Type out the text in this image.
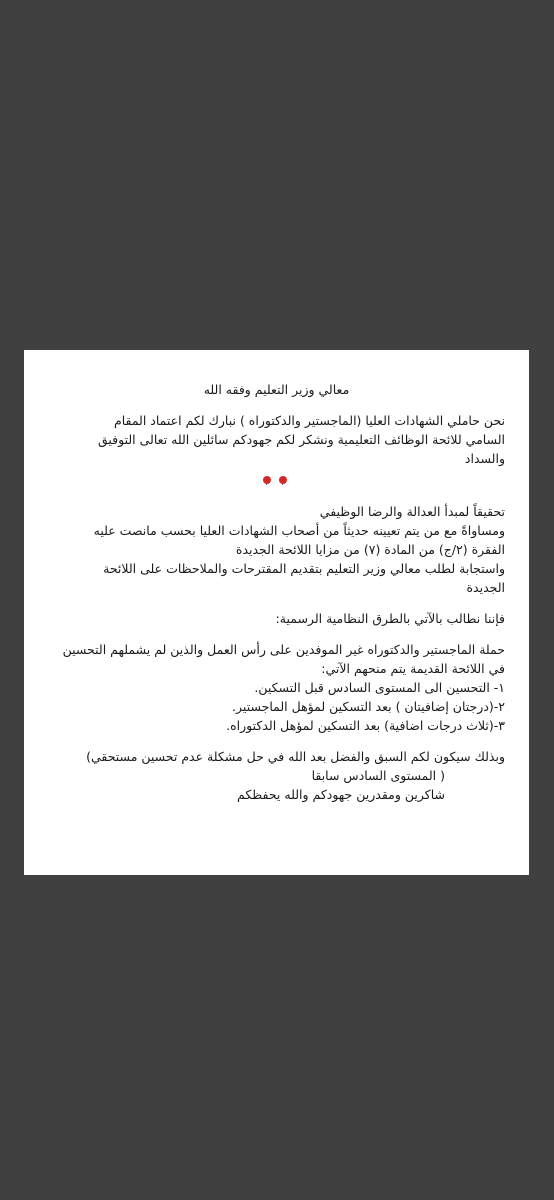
معالي وزير التعليم وفقه الله

نحن حاملي الشهادات العليا (الماجستير والدكتوراه ) نبارك لكم اعتماد المقام

السامي للائحة الوظائف التعليمية ونشكر لكم جهودكم سائلين الله تعالى التوفيق

والسداد

تحقيقاً لمبدأ العدالة والرضا الوظيفي

ومساواةً مع من يتم تعيينه حديثاً من أصحاب الشهادات العليا بحسب مانصت عليه

الفقرة (٢/ج) من المادة (٧) من مزايا اللائحة الجديدة

واستجابة لطلب معالي وزير التعليم بتقديم المقترحات والملاحظات على اللائحة

الجديدة

فإننا نطالب بالآتي بالطرق النظامية الرسمية:

حملة الماجستير والدكتوراه غير الموفدين على رأس العمل والذين لم يشملهم التحسين

في اللائحة القديمة يتم منحهم الآتي:

١- التحسين الى المستوى السادس قبل التسكين.

٢-(درجتان إضافيتان ) بعد التسكين لمؤهل الماجستير.

٣-(ثلاث درجات اضافية) بعد التسكين لمؤهل الدكتوراه.

وبذلك سيكون لكم السبق والفضل بعد الله في حل مشكلة عدم تحسين مستحقي)

( المستوى السادس سابقا

شاكرين ومقدرين جهودكم والله يحفظكم
